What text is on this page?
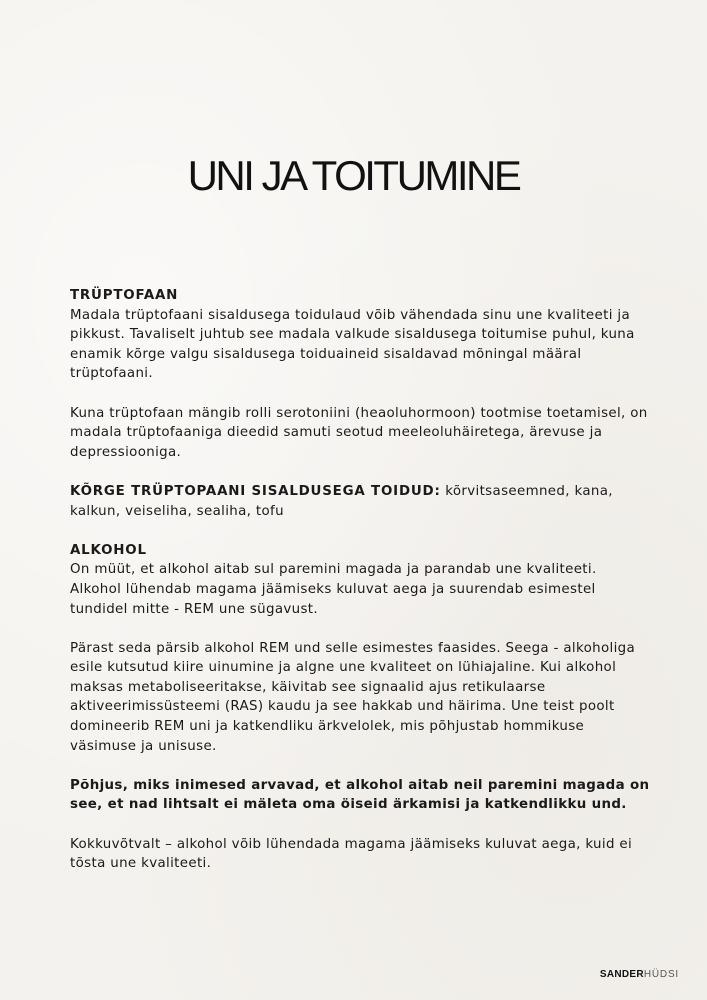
UNI JA TOITUMINE
TRÜPTOFAAN

Madala trüptofaani sisaldusega toidulaud võib vähendada sinu une kvaliteeti ja pikkust. Tavaliselt juhtub see madala valkude sisaldusega toitumise puhul, kuna enamik kõrge valgu sisaldusega toiduaineid sisaldavad mõningal määral trüptofaani.

Kuna trüptofaan mängib rolli serotoniini (heaoluhormoon) tootmise toetamisel, on madala trüptofaaniga dieedid samuti seotud meeleoluhäiretega, ärevuse ja depressiooniga.

KÕRGE TRÜPTOPAANI SISALDUSEGA TOIDUD: kõrvitsaseemned, kana, kalkun, veiseliha, sealiha, tofu

ALKOHOL

On müüt, et alkohol aitab sul paremini magada ja parandab une kvaliteeti. Alkohol lühendab magama jäämiseks kuluvat aega ja suurendab esimestel tundidel mitte - REM une sügavust.

Pärast seda pärsib alkohol REM und selle esimestes faasides. Seega - alkoholiga esile kutsutud kiire uinumine ja algne une kvaliteet on lühiajaline. Kui alkohol maksas metaboliseeritakse, käivitab see signaalid ajus retikulaarse aktiveerimissüsteemi (RAS) kaudu ja see hakkab und häirima. Une teist poolt domineerib REM uni ja katkendliku ärkvelolek, mis põhjustab hommikuse väsimuse ja unisuse.

Põhjus, miks inimesed arvavad, et alkohol aitab neil paremini magada on see, et nad lihtsalt ei mäleta oma öiseid ärkamisi ja katkendlikku und.

Kokkuvõtvalt – alkohol võib lühendada magama jäämiseks kuluvat aega, kuid ei tõsta une kvaliteeti.

SANDERHÜDSI
